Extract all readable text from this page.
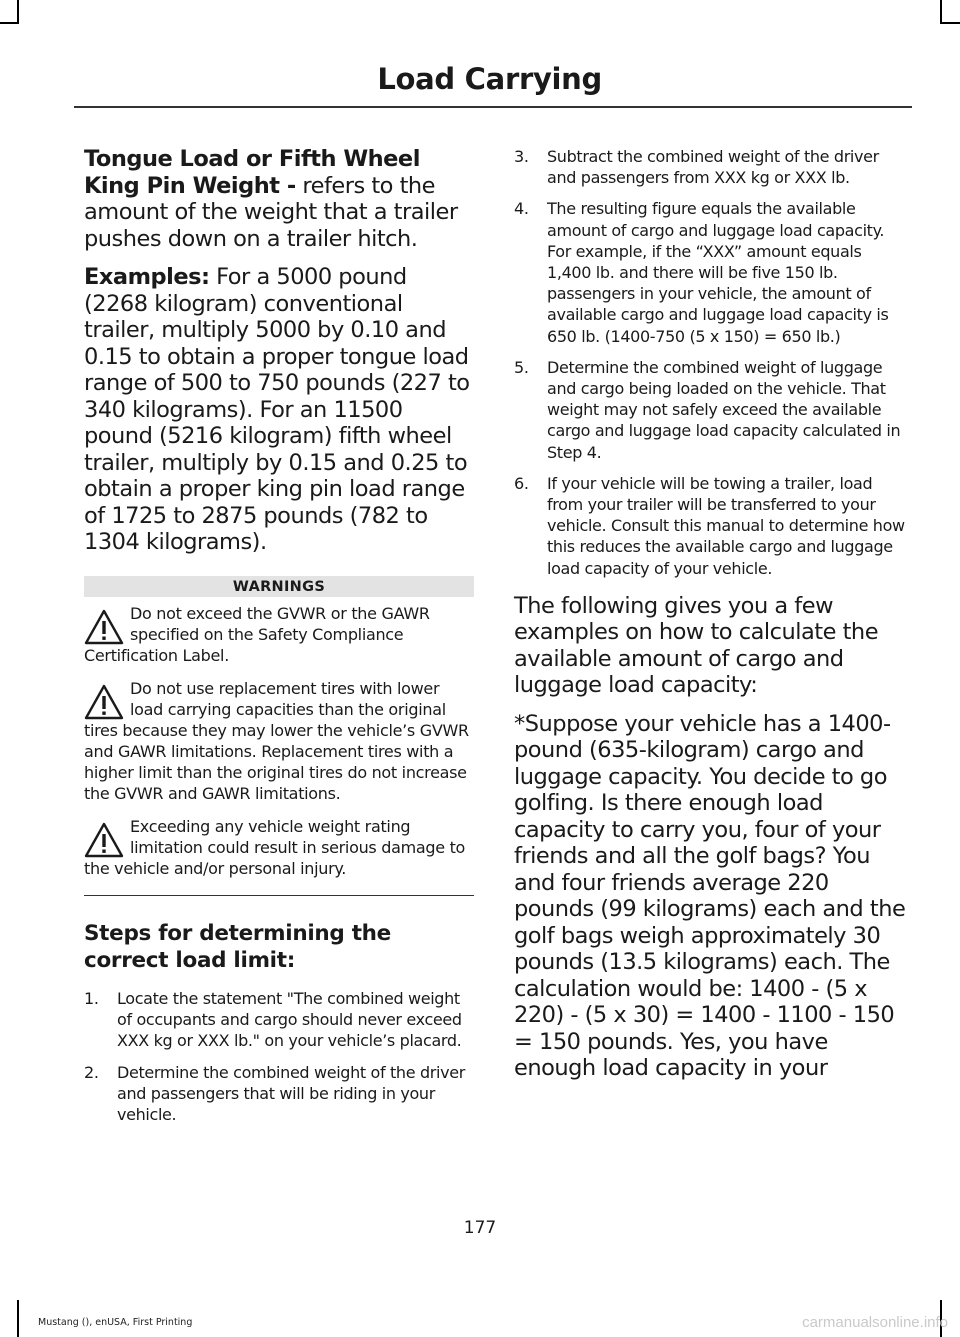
Load Carrying

Tongue Load or Fifth Wheel King Pin Weight - refers to the amount of the weight that a trailer pushes down on a trailer hitch.

Examples: For a 5000 pound (2268 kilogram) conventional trailer, multiply 5000 by 0.10 and 0.15 to obtain a proper tongue load range of 500 to 750 pounds (227 to 340 kilograms). For an 11500 pound (5216 kilogram) fifth wheel trailer, multiply by 0.15 and 0.25 to obtain a proper king pin load range of 1725 to 2875 pounds (782 to 1304 kilograms).

WARNINGS
Do not exceed the GVWR or the GAWR specified on the Safety Compliance Certification Label.
Do not use replacement tires with lower load carrying capacities than the original tires because they may lower the vehicle’s GVWR and GAWR limitations. Replacement tires with a higher limit than the original tires do not increase the GVWR and GAWR limitations.
Exceeding any vehicle weight rating limitation could result in serious damage to the vehicle and/or personal injury.
Steps for determining the correct load limit:
1. Locate the statement "The combined weight of occupants and cargo should never exceed XXX kg or XXX lb." on your vehicle’s placard.
2. Determine the combined weight of the driver and passengers that will be riding in your vehicle.
3. Subtract the combined weight of the driver and passengers from XXX kg or XXX lb.
4. The resulting figure equals the available amount of cargo and luggage load capacity. For example, if the “XXX” amount equals 1,400 lb. and there will be five 150 lb. passengers in your vehicle, the amount of available cargo and luggage load capacity is 650 lb. (1400-750 (5 x 150) = 650 lb.)
5. Determine the combined weight of luggage and cargo being loaded on the vehicle. That weight may not safely exceed the available cargo and luggage load capacity calculated in Step 4.
6. If your vehicle will be towing a trailer, load from your trailer will be transferred to your vehicle. Consult this manual to determine how this reduces the available cargo and luggage load capacity of your vehicle.

The following gives you a few examples on how to calculate the available amount of cargo and luggage load capacity:

*Suppose your vehicle has a 1400-pound (635-kilogram) cargo and luggage capacity. You decide to go golfing. Is there enough load capacity to carry you, four of your friends and all the golf bags? You and four friends average 220 pounds (99 kilograms) each and the golf bags weigh approximately 30 pounds (13.5 kilograms) each. The calculation would be: 1400 - (5 x 220) - (5 x 30) = 1400 - 1100 - 150 = 150 pounds. Yes, you have enough load capacity in your

177
Mustang (), enUSA, First Printing	carmanualsonline.info
